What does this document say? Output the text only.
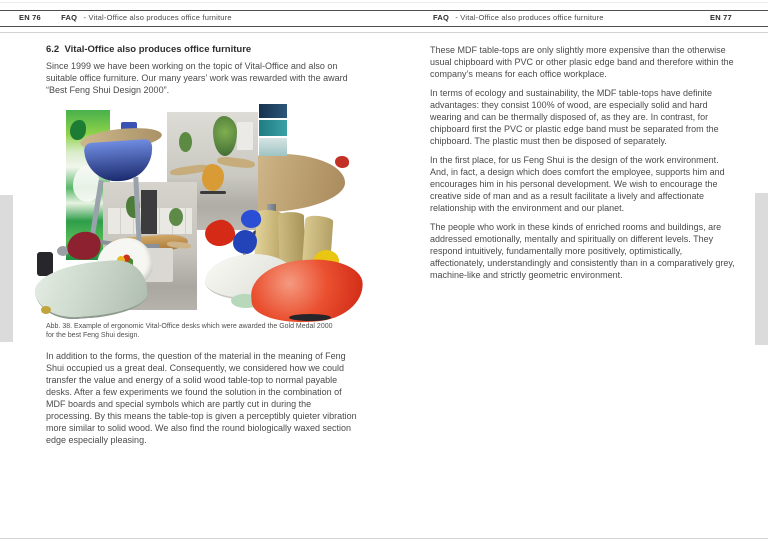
EN 76	FAQ - Vital-Office also produces office furniture	FAQ - Vital-Office also produces office furniture	EN 77
6.2  Vital-Office also produces office furniture
Since 1999 we have been working on the topic of Vital-Office and also on suitable office furniture. Our many years’ work was rewarded with the award “Best Feng Shui Design 2000”.
Abb. 38. Example of ergonomic Vital-Office desks which were awarded the Gold Medal 2000 for the best Feng Shui design.
In addition to the forms, the question of the material in the meaning of Feng Shui occupied us a great deal. Consequently, we considered how we could transfer the value and energy of a solid wood table-top to normal payable desks. After a few experiments we found the solution in the combination of MDF boards and special symbols which are partly cut in during the processing. By this means the table-top is given a perceptibly quieter vibration more similar to solid wood. We also find the round biologically waxed section edge especially pleasing.

These MDF table-tops are only slightly more expensive than the otherwise usual chipboard with PVC or other plasic edge band and therefore within the company’s means for each office workplace.

In terms of ecology and sustainability, the MDF table-tops have definite advantages: they consist 100% of wood, are especially solid and hard wearing and can be thermally disposed of, as they are. In contrast, for chipboard first the PVC or plastic edge band must be separated from the chipboard. The plastic must then be disposed of separately.

In the first place, for us Feng Shui is the design of the work environment. And, in fact, a design which does comfort the employee, supports him and encourages him in his personal development. We wish to encourage the creative side of man and as a result facilitate a lively and affectionate relationship with the environment and our planet.

The people who work in these kinds of enriched rooms and buildings, are addressed emotionally, mentally and spiritually on different levels. They respond intuitively, fundamentally more positively, optimistically, affectionately, understandingly and consistently than in a comparatively grey, machine-like and strictly geometric environment.
